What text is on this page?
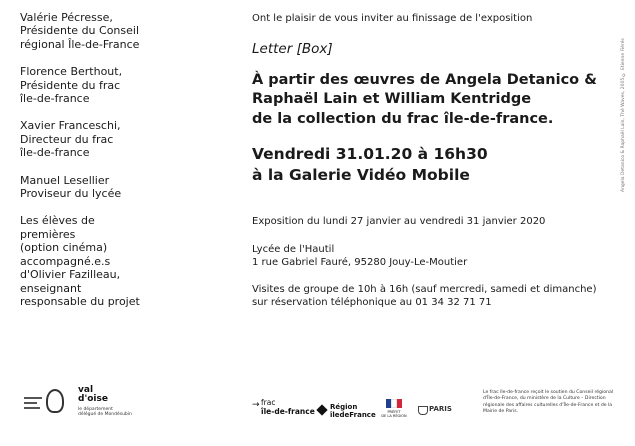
Valérie Pécresse,
Présidente du Conseil
régional Île-de-France
Florence Berthout,
Présidente du frac
île-de-france
Xavier Franceschi,
Directeur du frac
île-de-france
Manuel Lesellier
Proviseur du lycée
Les élèves de
premières
(option cinéma)
accompagné.e.s
d'Olivier Fazilleau,
enseignant
responsable du projet
Ont le plaisir de vous inviter au finissage de l'exposition
Letter [Box]
À partir des œuvres de Angela Detanico &
Raphaël Lain et William Kentridge
de la collection du frac île-de-france.
Vendredi 31.01.20 à 16h30
à la Galerie Vidéo Mobile
Exposition du lundi 27 janvier au vendredi 31 janvier 2020
Lycée de l'Hautil
1 rue Gabriel Fauré, 95280 Jouy-Le-Moutier
Visites de groupe de 10h à 16h (sauf mercredi, samedi et dimanche)
sur réservation téléphonique au 01 34 32 71 71
Angela Detanico & Raphaël Lain, Thé Waves, 2005 © Etienne Fiérés
val
d'oise
le département
délégué de Mondésubin
→ frac
île-de-france Région
îledeFrance	PRÉFET
DE LA RÉGION
PARIS
Le frac île-de-france reçoit le soutien du Conseil régional d'Île-de-France, du ministère de la Culture – Direction régionale des affaires culturelles d'Île-de-France et de la Mairie de Paris.
